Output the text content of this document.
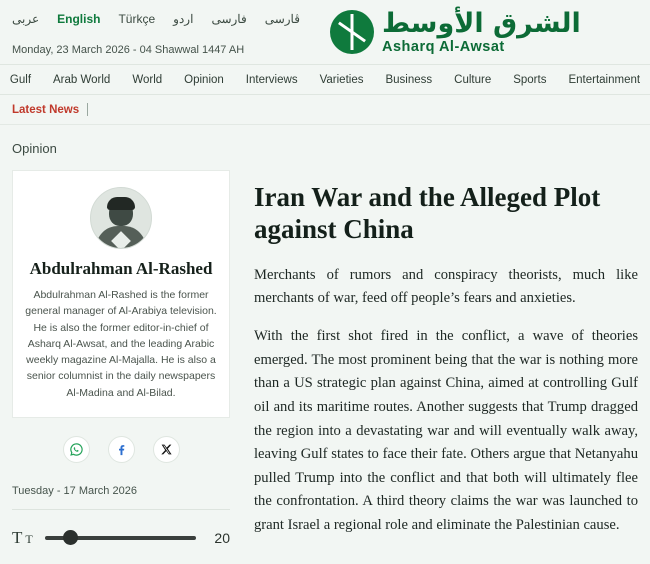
عربى English Türkçe اردو فارسی ڤارسی	الشرق الأوسط
Asharq Al-Awsat
Monday, 23 March 2026 - 04 Shawwal 1447 AH
Gulf Arab World World Opinion Interviews Varieties Business Culture Sports Entertainment
Latest News
Opinion
Abdulrahman Al-Rashed
Abdulrahman Al-Rashed is the former general manager of Al-Arabiya television. He is also the former editor-in-chief of Asharq Al-Awsat, and the leading Arabic weekly magazine Al-Majalla. He is also a senior columnist in the daily newspapers Al-Madina and Al-Bilad.
Tuesday - 17 March 2026
T T	20
Iran War and the Alleged Plot against China

Merchants of rumors and conspiracy theorists, much like merchants of war, feed off people’s fears and anxieties.

With the first shot fired in the conflict, a wave of theories emerged. The most prominent being that the war is nothing more than a US strategic plan against China, aimed at controlling Gulf oil and its maritime routes. Another suggests that Trump dragged the region into a devastating war and will eventually walk away, leaving Gulf states to face their fate. Others argue that Netanyahu pulled Trump into the conflict and that both will ultimately flee the confrontation. A third theory claims the war was launched to grant Israel a regional role and eliminate the Palestinian cause.
